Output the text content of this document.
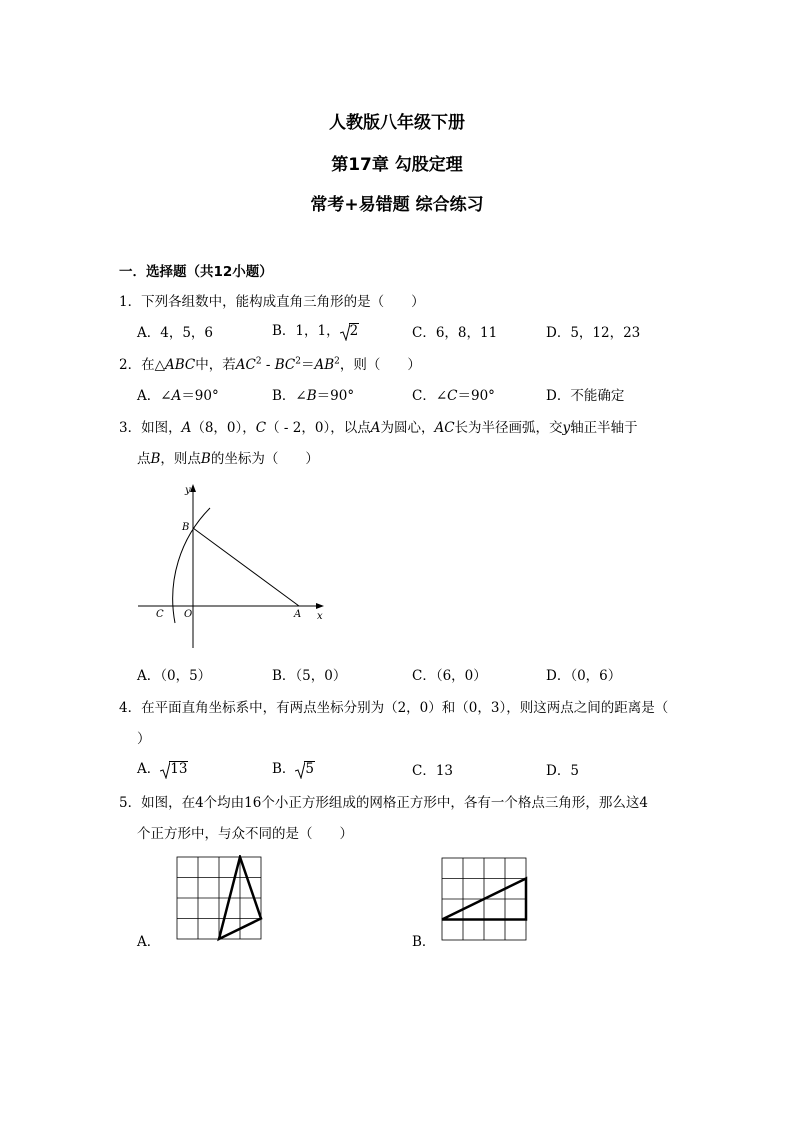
人教版八年级下册
第17章 勾股定理
常考+易错题 综合练习
一．选择题（共12小题）
1．下列各组数中，能构成直角三角形的是（　　）
A．4，5，6	B．1，1， 2	C．6，8，11	D．5，12，23
2．在△ABC中，若$AC^2 - BC^2=AB^2$，则（　　）
A．∠A＝90°	B．∠B＝90°	C．∠C＝90°	D．不能确定
3．如图，A（8，0），C（ - 2，0），以点A为圆心，AC长为半径画弧，交y轴正半轴于
点B，则点B的坐标为（　　）
y
x
B
O
C	A
A．（0，5）	B．（5，0）	C．（6，0）	D．（0，6）
4．在平面直角坐标系中，有两点坐标分别为（2，0）和（0，3），则这两点之间的距离是（
）
A． 13	B． 5	C．13	D．5
5．如图，在4个均由16个小正方形组成的网格正方形中，各有一个格点三角形，那么这4
个正方形中，与众不同的是（　　）
A．	B．
